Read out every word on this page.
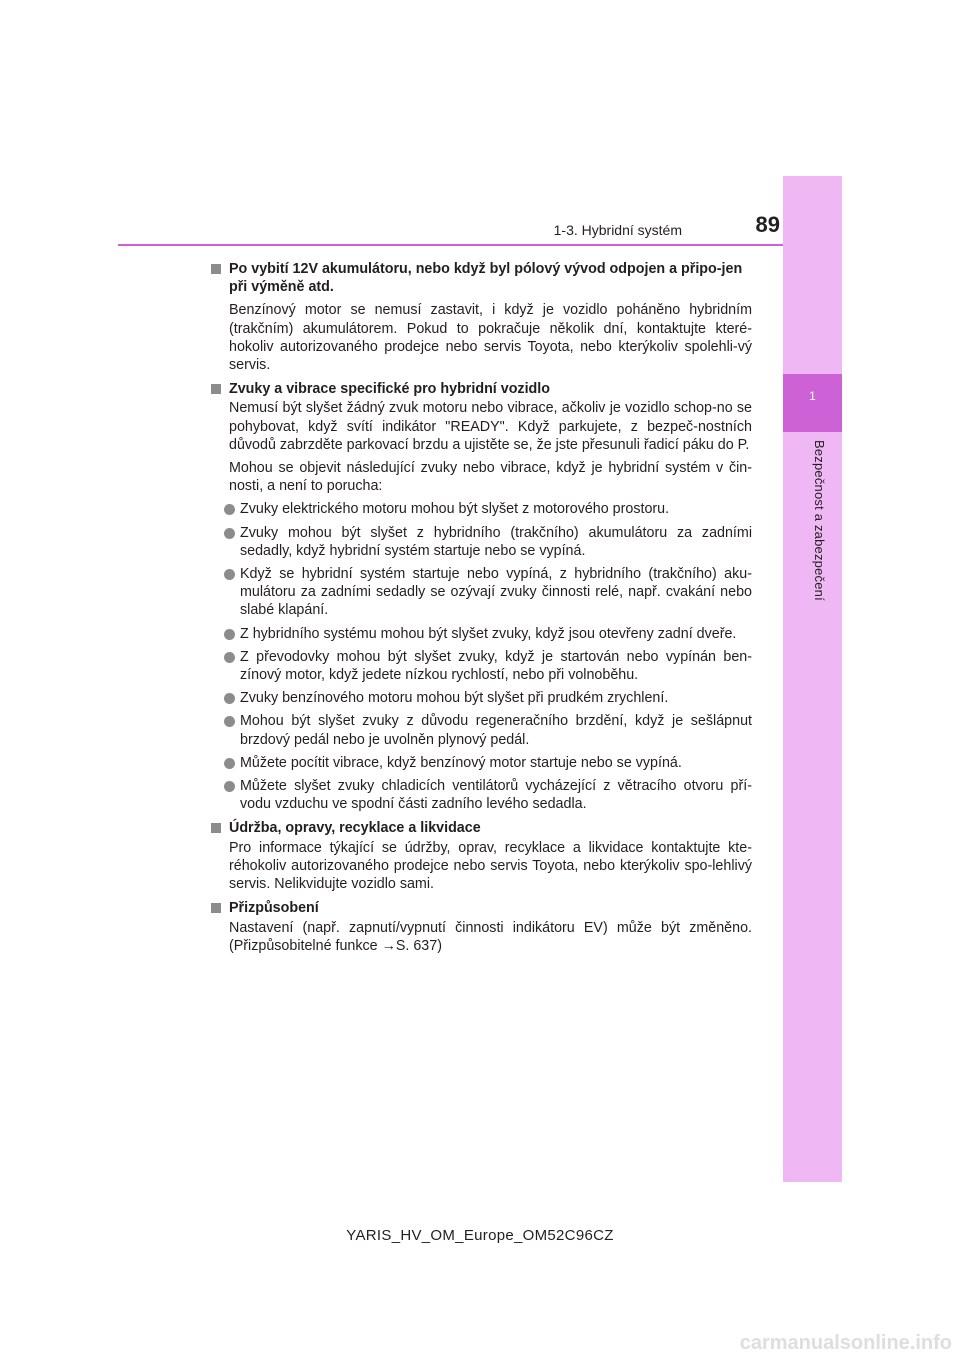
1
Bezpečnost a zabezpečení
1-3. Hybridní systém	89
Po vybití 12V akumulátoru, nebo když byl pólový vývod odpojen a připo-jen při výměně atd.
Benzínový motor se nemusí zastavit, i když je vozidlo poháněno hybridním (trakčním) akumulátorem. Pokud to pokračuje několik dní, kontaktujte které-hokoliv autorizovaného prodejce nebo servis Toyota, nebo kterýkoliv spolehli-vý servis.
Zvuky a vibrace specifické pro hybridní vozidlo
Nemusí být slyšet žádný zvuk motoru nebo vibrace, ačkoliv je vozidlo schop-no se pohybovat, když svítí indikátor "READY". Když parkujete, z bezpeč-nostních důvodů zabrzděte parkovací brzdu a ujistěte se, že jste přesunuli řadicí páku do P.
Mohou se objevit následující zvuky nebo vibrace, když je hybridní systém v čin-nosti, a není to porucha:
Zvuky elektrického motoru mohou být slyšet z motorového prostoru.
Zvuky mohou být slyšet z hybridního (trakčního) akumulátoru za zadními sedadly, když hybridní systém startuje nebo se vypíná.
Když se hybridní systém startuje nebo vypíná, z hybridního (trakčního) aku-mulátoru za zadními sedadly se ozývají zvuky činnosti relé, např. cvakání nebo slabé klapání.
Z hybridního systému mohou být slyšet zvuky, když jsou otevřeny zadní dveře.
Z převodovky mohou být slyšet zvuky, když je startován nebo vypínán ben-zínový motor, když jedete nízkou rychlostí, nebo při volnoběhu.
Zvuky benzínového motoru mohou být slyšet při prudkém zrychlení.
Mohou být slyšet zvuky z důvodu regeneračního brzdění, když je sešlápnut brzdový pedál nebo je uvolněn plynový pedál.
Můžete pocítit vibrace, když benzínový motor startuje nebo se vypíná.
Můžete slyšet zvuky chladicích ventilátorů vycházející z větracího otvoru pří-vodu vzduchu ve spodní části zadního levého sedadla.
Údržba, opravy, recyklace a likvidace
Pro informace týkající se údržby, oprav, recyklace a likvidace kontaktujte kte-réhokoliv autorizovaného prodejce nebo servis Toyota, nebo kterýkoliv spo-lehlivý servis. Nelikvidujte vozidlo sami.
Přizpůsobení
Nastavení (např. zapnutí/vypnutí činnosti indikátoru EV) může být změněno. (Přizpůsobitelné funkce →S. 637)
YARIS_HV_OM_Europe_OM52C96CZ
carmanualsonline.info
